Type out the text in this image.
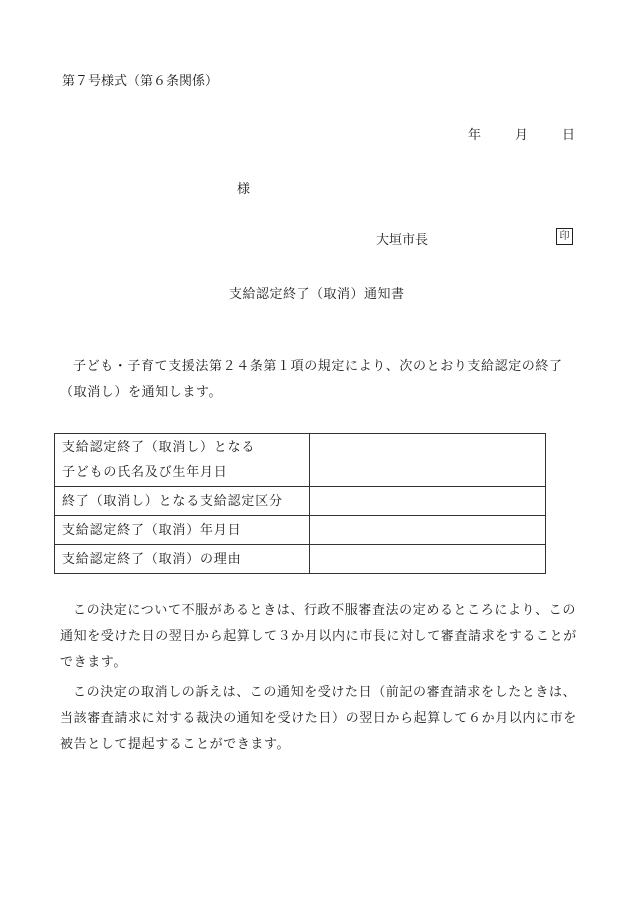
第７号様式（第６条関係）
年	月	日
様
大垣市長	印
支給認定終了（取消）通知書
子ども・子育て支援法第２４条第１項の規定により、次のとおり支給認定の終了（取消し）を通知します。
支給認定終了（取消し）となる
子どもの氏名及び生年月日	

終了（取消し）となる支給認定区分	
支給認定終了（取消）年月日	
支給認定終了（取消）の理由	
この決定について不服があるときは、行政不服審査法の定めるところにより、この通知を受けた日の翌日から起算して３か月以内に市長に対して審査請求をすることができます。
この決定の取消しの訴えは、この通知を受けた日（前記の審査請求をしたときは、当該審査請求に対する裁決の通知を受けた日）の翌日から起算して６か月以内に市を被告として提起することができます。
